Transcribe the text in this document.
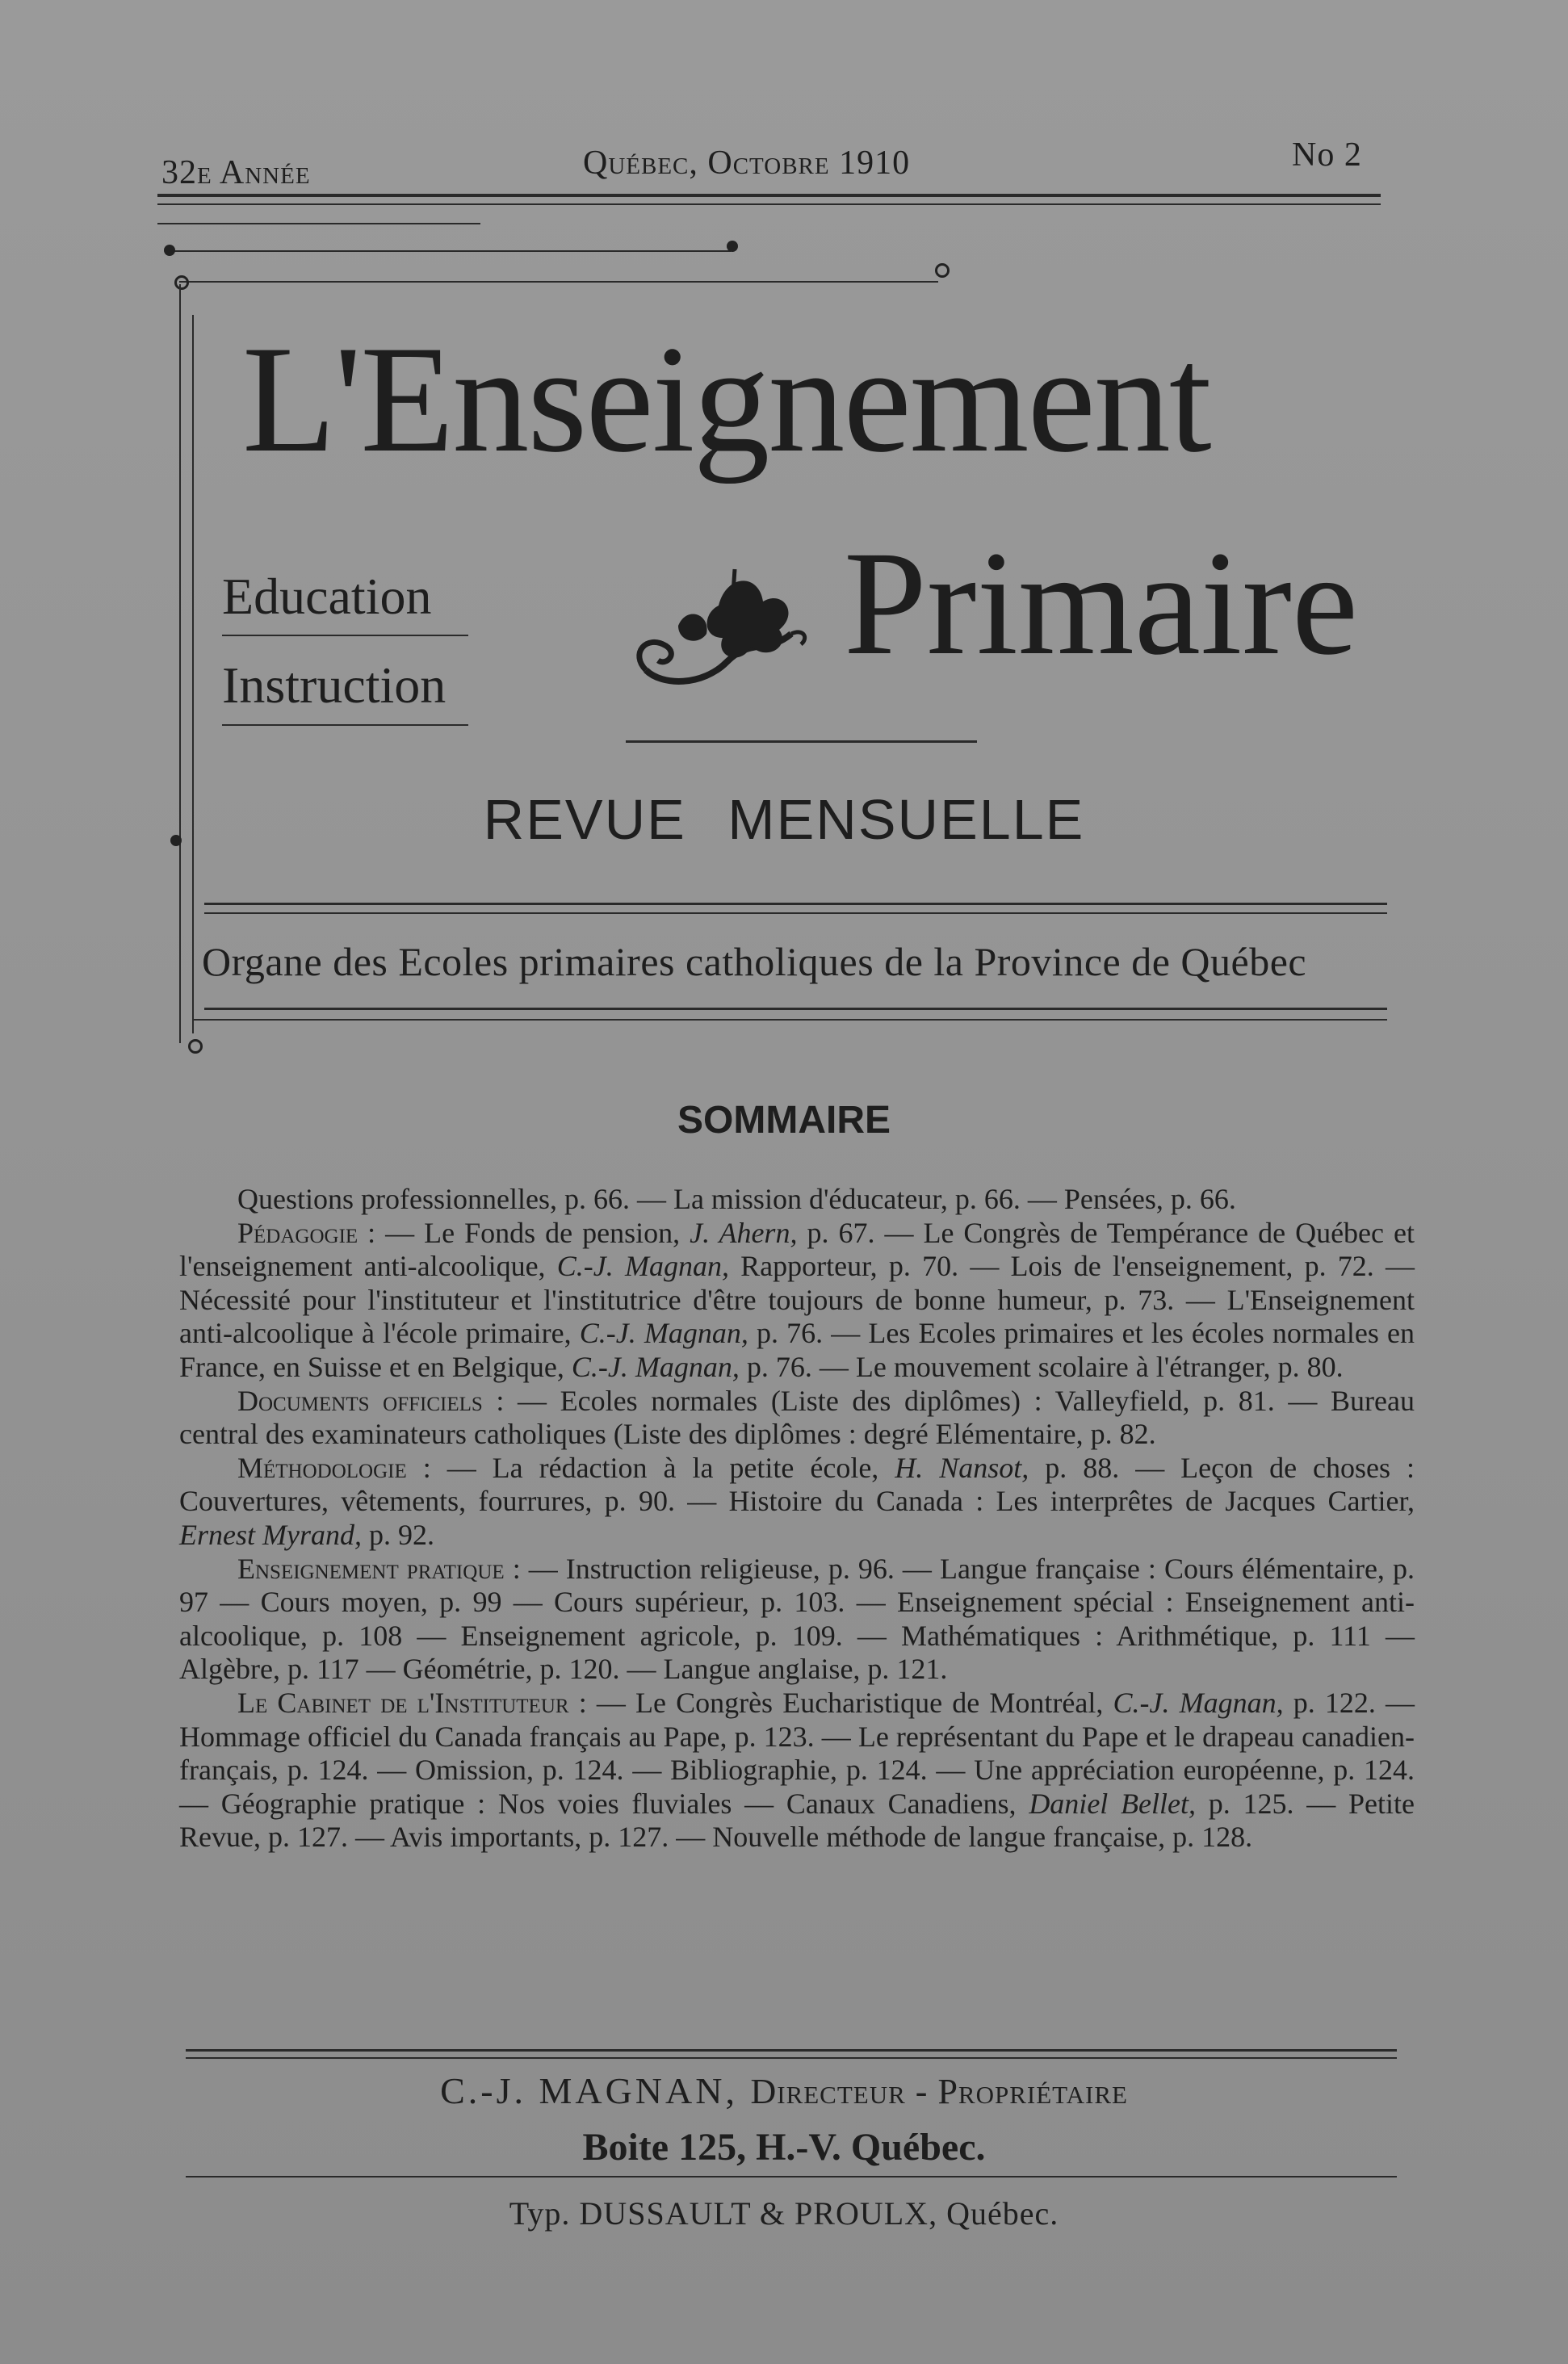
32e Année	Québec, Octobre 1910	No 2
L'Enseignement
Education
Instruction	Primaire
REVUE MENSUELLE
Organe des Ecoles primaires catholiques de la Province de Québec
SOMMAIRE

Questions professionnelles, p. 66. — La mission d'éducateur, p. 66. — Pensées, p. 66.

Pédagogie : — Le Fonds de pension, J. Ahern, p. 67. — Le Congrès de Tempérance de Québec et l'enseignement anti-alcoolique, C.-J. Magnan, Rapporteur, p. 70. — Lois de l'enseignement, p. 72. — Nécessité pour l'instituteur et l'institutrice d'être toujours de bonne humeur, p. 73. — L'Enseignement anti-alcoolique à l'école primaire, C.-J. Magnan, p. 76. — Les Ecoles primaires et les écoles normales en France, en Suisse et en Belgique, C.-J. Magnan, p. 76. — Le mouvement scolaire à l'étranger, p. 80.

Documents officiels : — Ecoles normales (Liste des diplômes) : Valleyfield, p. 81. — Bureau central des examinateurs catholiques (Liste des diplômes : degré Elémentaire, p. 82.

Méthodologie : — La rédaction à la petite école, H. Nansot, p. 88. — Leçon de choses : Couvertures, vêtements, fourrures, p. 90. — Histoire du Canada : Les interprêtes de Jacques Cartier, Ernest Myrand, p. 92.

Enseignement pratique : — Instruction religieuse, p. 96. — Langue française : Cours élémentaire, p. 97 — Cours moyen, p. 99 — Cours supérieur, p. 103. — Enseignement spécial : Enseignement anti-alcoolique, p. 108 — Enseignement agricole, p. 109. — Mathématiques : Arithmétique, p. 111 — Algèbre, p. 117 — Géométrie, p. 120. — Langue anglaise, p. 121.

Le Cabinet de l'Instituteur : — Le Congrès Eucharistique de Montréal, C.-J. Magnan, p. 122. — Hommage officiel du Canada français au Pape, p. 123. — Le représentant du Pape et le drapeau canadien-français, p. 124. — Omission, p. 124. — Bibliographie, p. 124. — Une appréciation européenne, p. 124. — Géographie pratique : Nos voies fluviales — Canaux Canadiens, Daniel Bellet, p. 125. — Petite Revue, p. 127. — Avis importants, p. 127. — Nouvelle méthode de langue française, p. 128.

C.-J. MAGNAN, Directeur - Propriétaire
Boite 125, H.-V. Québec.
Typ. DUSSAULT & PROULX, Québec.
